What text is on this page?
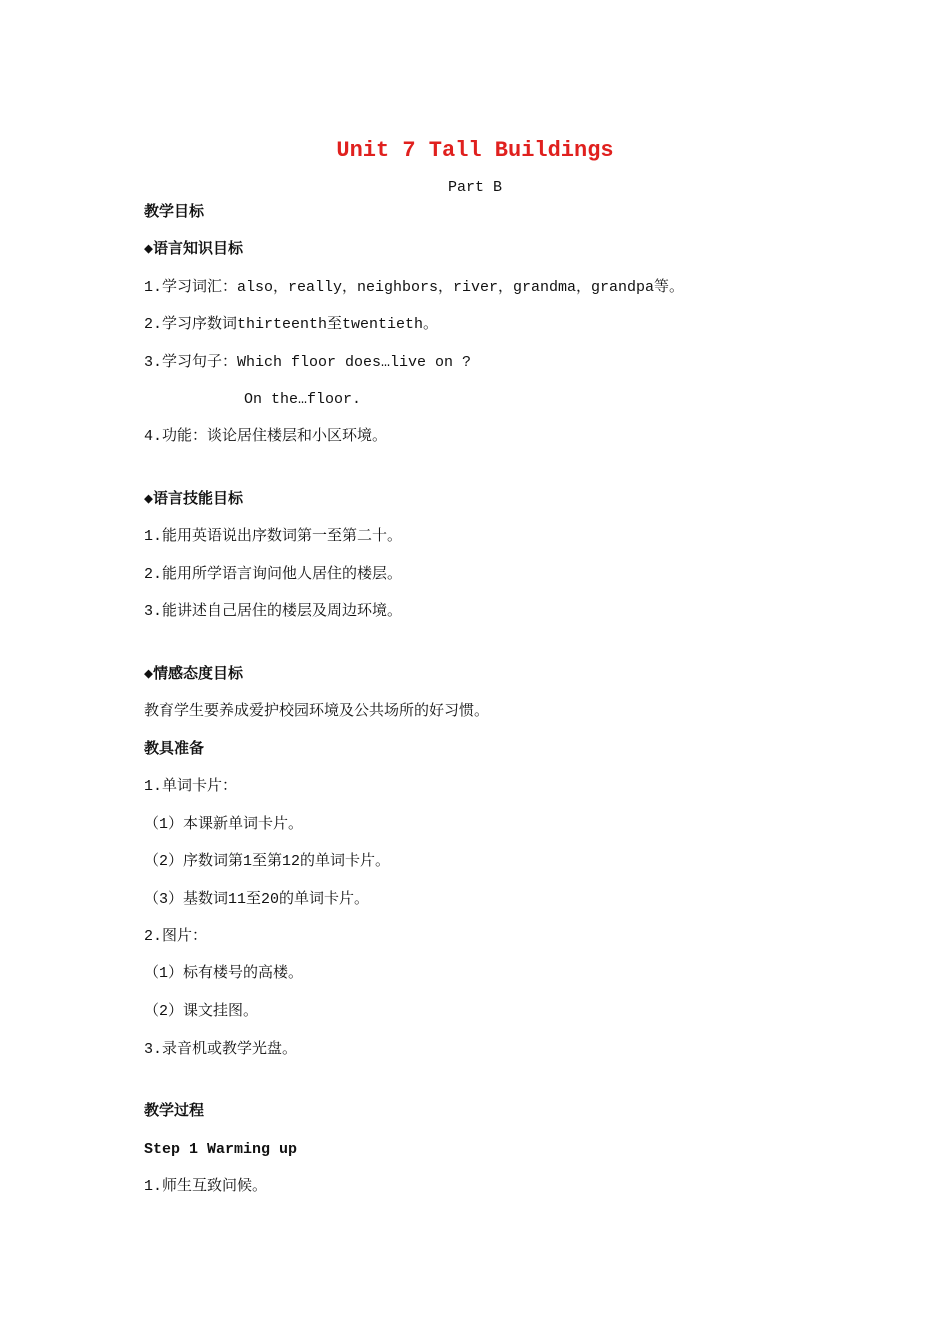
Unit 7 Tall Buildings
Part B
教学目标
◆语言知识目标
1.学习词汇：also，really，neighbors，river，grandma，grandpa等。
2.学习序数词thirteenth至twentieth。
3.学习句子：Which floor does…live on ?
On the…floor.
4.功能：谈论居住楼层和小区环境。
◆语言技能目标
1.能用英语说出序数词第一至第二十。
2.能用所学语言询问他人居住的楼层。
3.能讲述自己居住的楼层及周边环境。
◆情感态度目标
教育学生要养成爱护校园环境及公共场所的好习惯。
教具准备
1.单词卡片：
（1）本课新单词卡片。
（2）序数词第1至第12的单词卡片。
（3）基数词11至20的单词卡片。
2.图片：
（1）标有楼号的高楼。
（2）课文挂图。
3.录音机或教学光盘。
教学过程
Step 1 Warming up
1.师生互致问候。
